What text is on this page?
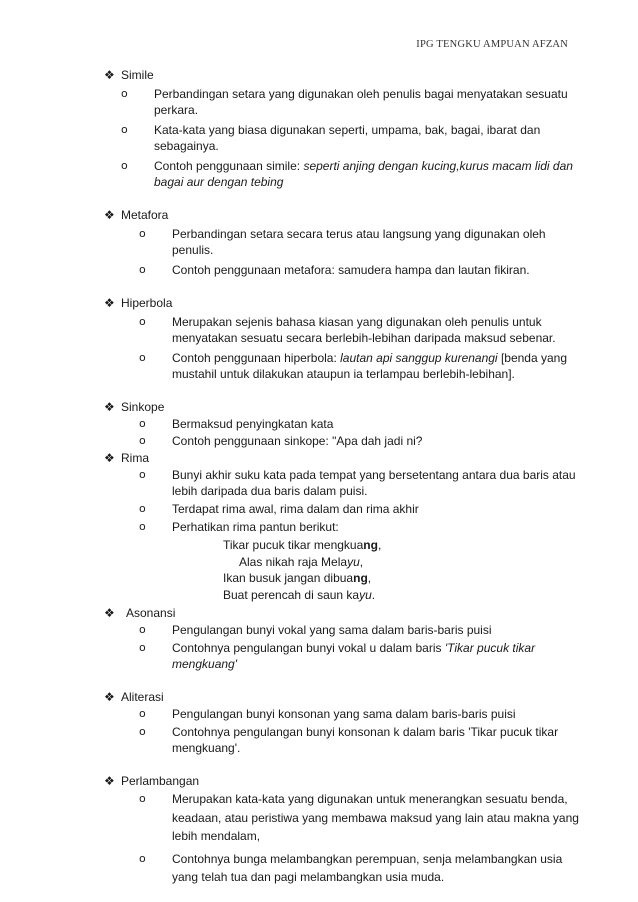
IPG TENGKU AMPUAN AFZAN
❖ Simile
o Perbandingan setara yang digunakan oleh penulis bagai menyatakan sesuatu perkara.
o Kata-kata yang biasa digunakan seperti, umpama, bak, bagai, ibarat dan sebagainya.
o Contoh penggunaan simile: seperti anjing dengan kucing,kurus macam lidi dan bagai aur dengan tebing
❖ Metafora
o Perbandingan setara secara terus atau langsung yang digunakan oleh penulis.
o Contoh penggunaan metafora: samudera hampa dan lautan fikiran.
❖ Hiperbola
o Merupakan sejenis bahasa kiasan yang digunakan oleh penulis untuk menyatakan sesuatu secara berlebih-lebihan daripada maksud sebenar.
o Contoh penggunaan hiperbola: lautan api sanggup kurenangi [benda yang mustahil untuk dilakukan ataupun ia terlampau berlebih-lebihan].
❖ Sinkope
o Bermaksud penyingkatan kata
o Contoh penggunaan sinkope: "Apa dah jadi ni?
❖ Rima
o Bunyi akhir suku kata pada tempat yang bersetentang antara dua baris atau lebih daripada dua baris dalam puisi.
o Terdapat rima awal, rima dalam dan rima akhir
o Perhatikan rima pantun berikut:
Tikar pucuk tikar mengkuang,
Alas nikah raja Melayu,
Ikan busuk jangan dibuang,
Buat perencah di saun kayu.
❖ Asonansi
o Pengulangan bunyi vokal yang sama dalam baris-baris puisi
o Contohnya pengulangan bunyi vokal u dalam baris 'Tikar pucuk tikar mengkuang'
❖ Aliterasi
o Pengulangan bunyi konsonan yang sama dalam baris-baris puisi
o Contohnya pengulangan bunyi konsonan k dalam baris 'Tikar pucuk tikar mengkuang'.
❖ Perlambangan
o Merupakan kata-kata yang digunakan untuk menerangkan sesuatu benda, keadaan, atau peristiwa yang membawa maksud yang lain atau makna yang lebih mendalam,
o Contohnya bunga melambangkan perempuan, senja melambangkan usia yang telah tua dan pagi melambangkan usia muda.
